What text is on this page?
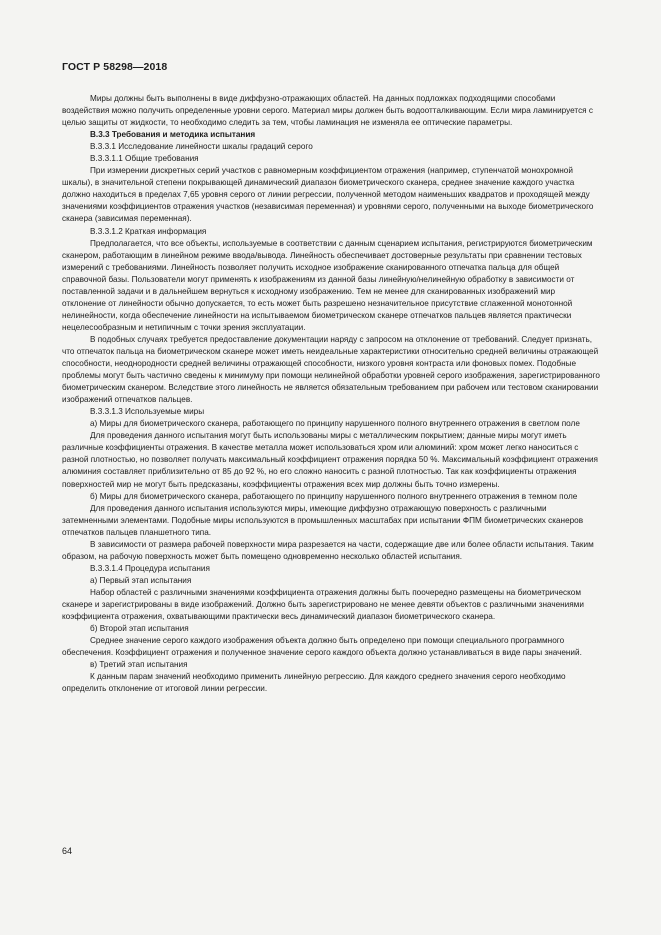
ГОСТ Р 58298—2018

Миры должны быть выполнены в виде диффузно-отражающих областей. На данных подложках подходящими способами воздействия можно получить определенные уровни серого. Материал миры должен быть водоотталкивающим. Если мира ламинируется с целью защиты от жидкости, то необходимо следить за тем, чтобы ламинация не изменяла ее оптические параметры.

В.3.3 Требования и методика испытания

В.3.3.1 Исследование линейности шкалы градаций серого

В.3.3.1.1 Общие требования

При измерении дискретных серий участков с равномерным коэффициентом отражения (например, ступенчатой монохромной шкалы), в значительной степени покрывающей динамический диапазон биометрического сканера, среднее значение каждого участка должно находиться в пределах 7,65 уровня серого от линии регрессии, полученной методом наименьших квадратов и проходящей между значениями коэффициентов отражения участков (независимая переменная) и уровнями серого, полученными на выходе биометрического сканера (зависимая переменная).

В.3.3.1.2 Краткая информация

Предполагается, что все объекты, используемые в соответствии с данным сценарием испытания, регистрируются биометрическим сканером, работающим в линейном режиме ввода/вывода. Линейность обеспечивает достоверные результаты при сравнении тестовых измерений с требованиями. Линейность позволяет получить исходное изображение сканированного отпечатка пальца для общей справочной базы. Пользователи могут применять к изображениям из данной базы линейную/нелинейную обработку в зависимости от поставленной задачи и в дальнейшем вернуться к исходному изображению. Тем не менее для сканированных изображений мир отклонение от линейности обычно допускается, то есть может быть разрешено незначительное присутствие сглаженной монотонной нелинейности, когда обеспечение линейности на испытываемом биометрическом сканере отпечатков пальцев является практически нецелесообразным и нетипичным с точки зрения эксплуатации.

В подобных случаях требуется предоставление документации наряду с запросом на отклонение от требований. Следует признать, что отпечаток пальца на биометрическом сканере может иметь неидеальные характеристики относительно средней величины отражающей способности, неоднородности средней величины отражающей способности, низкого уровня контраста или фоновых помех. Подобные проблемы могут быть частично сведены к минимуму при помощи нелинейной обработки уровней серого изображения, зарегистрированного биометрическим сканером. Вследствие этого линейность не является обязательным требованием при рабочем или тестовом сканировании изображений отпечатков пальцев.

В.3.3.1.3 Используемые миры

а) Миры для биометрического сканера, работающего по принципу нарушенного полного внутреннего отражения в светлом поле

Для проведения данного испытания могут быть использованы миры с металлическим покрытием; данные миры могут иметь различные коэффициенты отражения. В качестве металла может использоваться хром или алюминий: хром может легко наноситься с разной плотностью, но позволяет получать максимальный коэффициент отражения порядка 50 %. Максимальный коэффициент отражения алюминия составляет приблизительно от 85 до 92 %, но его сложно наносить с разной плотностью. Так как коэффициенты отражения поверхностей мир не могут быть предсказаны, коэффициенты отражения всех мир должны быть точно измерены.

б) Миры для биометрического сканера, работающего по принципу нарушенного полного внутреннего отражения в темном поле

Для проведения данного испытания используются миры, имеющие диффузно отражающую поверхность с различными затемненными элементами. Подобные миры используются в промышленных масштабах при испытании ФПМ биометрических сканеров отпечатков пальцев планшетного типа.

В зависимости от размера рабочей поверхности мира разрезается на части, содержащие две или более области испытания. Таким образом, на рабочую поверхность может быть помещено одновременно несколько областей испытания.

В.3.3.1.4 Процедура испытания

а) Первый этап испытания

Набор областей с различными значениями коэффициента отражения должны быть поочередно размещены на биометрическом сканере и зарегистрированы в виде изображений. Должно быть зарегистрировано не менее девяти объектов с различными значениями коэффициента отражения, охватывающими практически весь динамический диапазон биометрического сканера.

б) Второй этап испытания

Среднее значение серого каждого изображения объекта должно быть определено при помощи специального программного обеспечения. Коэффициент отражения и полученное значение серого каждого объекта должно устанавливаться в виде пары значений.

в) Третий этап испытания

К данным парам значений необходимо применить линейную регрессию. Для каждого среднего значения серого необходимо определить отклонение от итоговой линии регрессии.

64
